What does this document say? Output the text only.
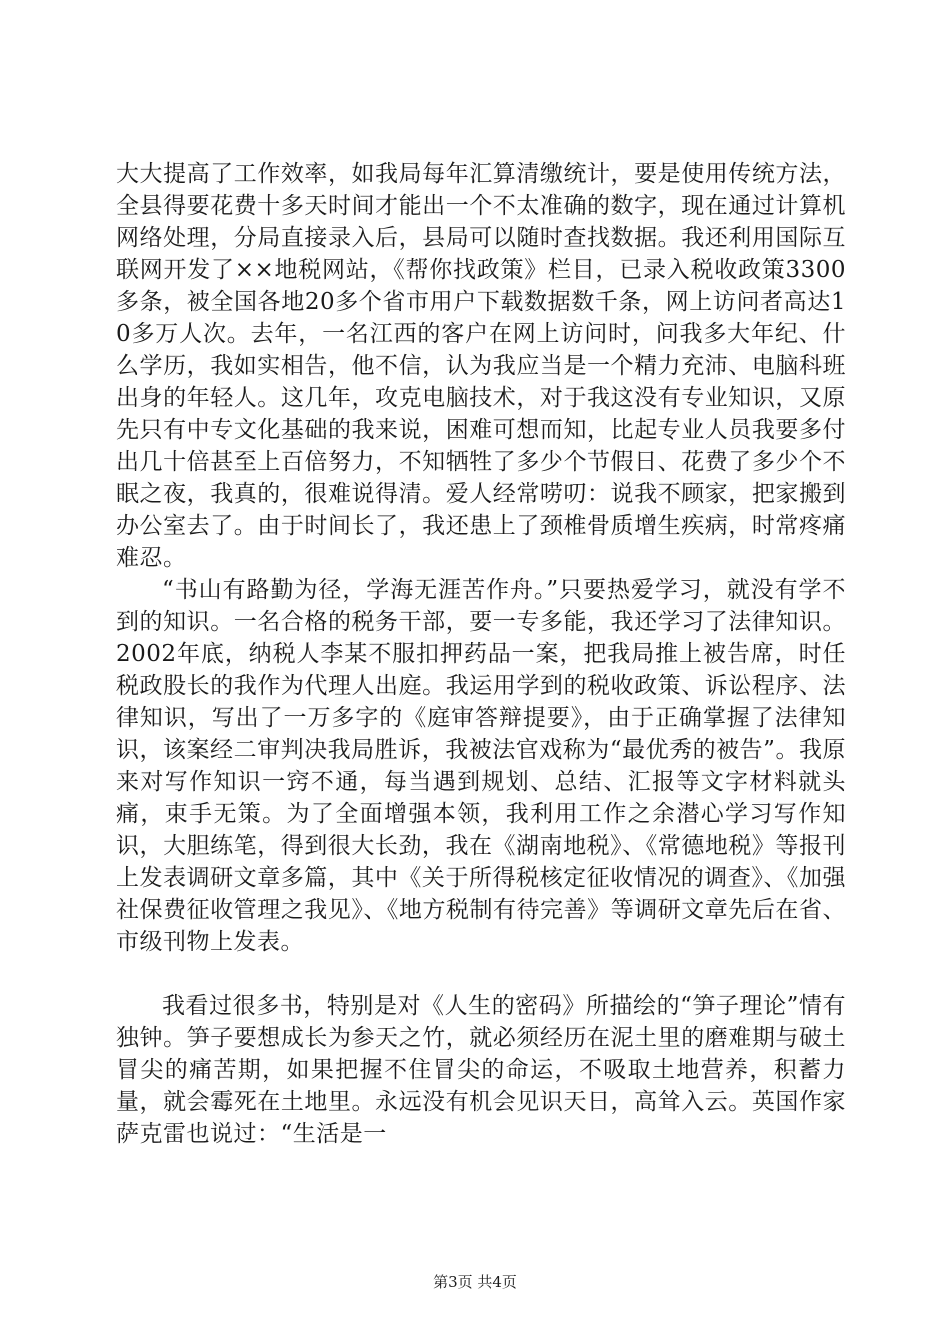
大大提高了工作效率，如我局每年汇算清缴统计，要是使用传统方法，全县得要花费十多天时间才能出一个不太准确的数字，现在通过计算机网络处理，分局直接录入后，县局可以随时查找数据。我还利用国际互联网开发了××地税网站，《帮你找政策》栏目，已录入税收政策3300多条，被全国各地20多个省市用户下载数据数千条，网上访问者高达10多万人次。去年，一名江西的客户在网上访问时，问我多大年纪、什么学历，我如实相告，他不信，认为我应当是一个精力充沛、电脑科班出身的年轻人。这几年，攻克电脑技术，对于我这没有专业知识，又原先只有中专文化基础的我来说，困难可想而知，比起专业人员我要多付出几十倍甚至上百倍努力，不知牺牲了多少个节假日、花费了多少个不眠之夜，我真的，很难说得清。爱人经常唠叨：说我不顾家，把家搬到办公室去了。由于时间长了，我还患上了颈椎骨质增生疾病，时常疼痛难忍。

“书山有路勤为径，学海无涯苦作舟。”只要热爱学习，就没有学不到的知识。一名合格的税务干部，要一专多能，我还学习了法律知识。2002年底，纳税人李某不服扣押药品一案，把我局推上被告席，时任税政股长的我作为代理人出庭。我运用学到的税收政策、诉讼程序、法律知识，写出了一万多字的《庭审答辩提要》，由于正确掌握了法律知识，该案经二审判决我局胜诉，我被法官戏称为“最优秀的被告”。我原来对写作知识一窍不通，每当遇到规划、总结、汇报等文字材料就头痛，束手无策。为了全面增强本领，我利用工作之余潜心学习写作知识，大胆练笔，得到很大长劲，我在《湖南地税》、《常德地税》等报刊上发表调研文章多篇，其中《关于所得税核定征收情况的调查》、《加强社保费征收管理之我见》、《地方税制有待完善》等调研文章先后在省、市级刊物上发表。

我看过很多书，特别是对《人生的密码》所描绘的“笋子理论”情有独钟。笋子要想成长为参天之竹，就必须经历在泥土里的磨难期与破土冒尖的痛苦期，如果把握不住冒尖的命运，不吸取土地营养，积蓄力量，就会霉死在土地里。永远没有机会见识天日，高耸入云。英国作家萨克雷也说过：“生活是一

第3页 共4页
